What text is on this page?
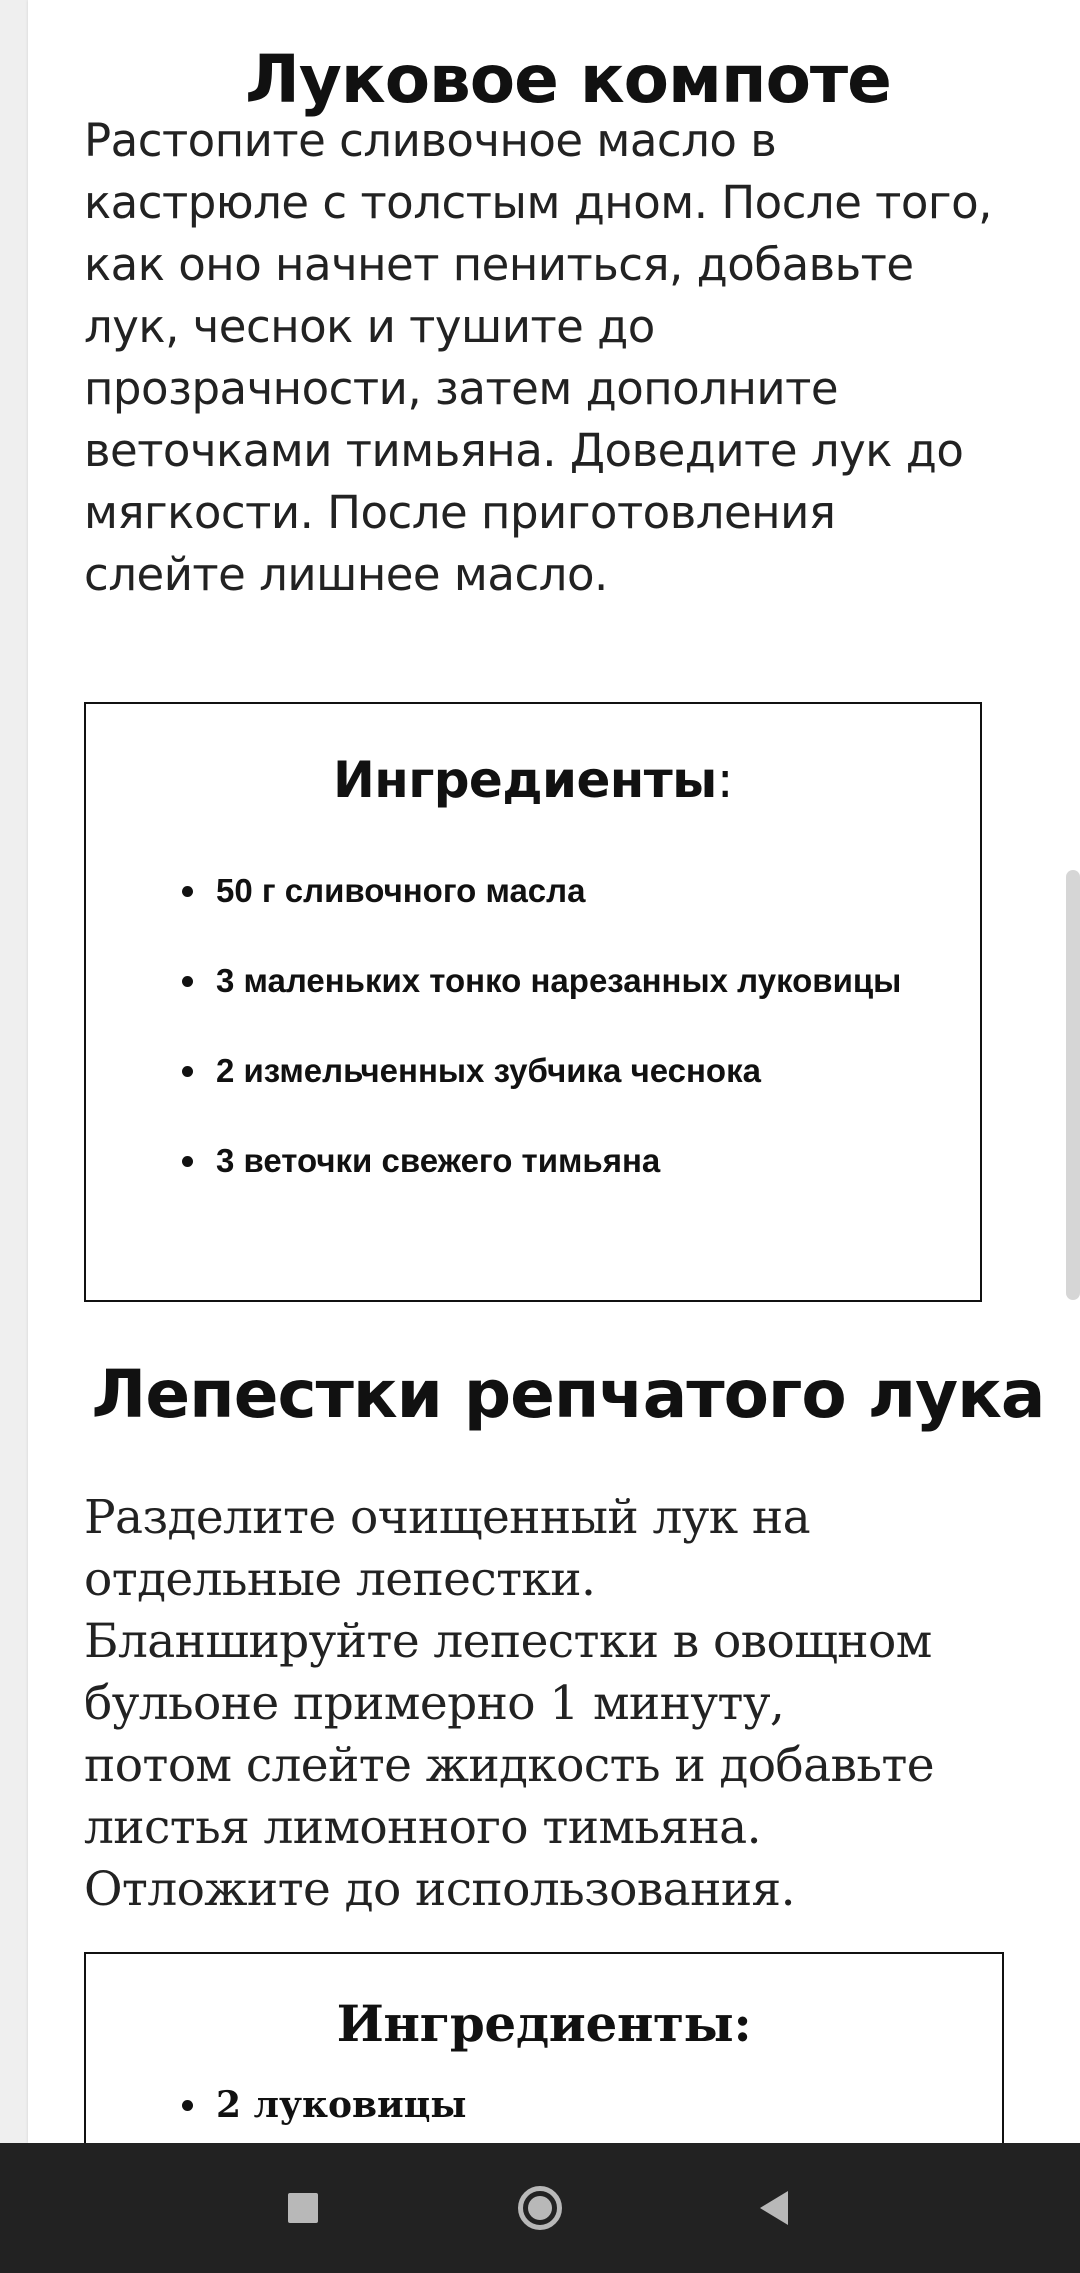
Луковое компоте
Растопите сливочное масло в
кастрюле с толстым дном. После того,
как оно начнет пениться, добавьте
лук, чеснок и тушите до
прозрачности, затем дополните
веточками тимьяна. Доведите лук до
мягкости. После приготовления
слейте лишнее масло.
Ингредиенты:
50 г сливочного масла
3 маленьких тонко нарезанных луковицы
2 измельченных зубчика чеснока
3 веточки свежего тимьяна
Лепестки репчатого лука
Разделите очищенный лук на
отдельные лепестки.
Бланшируйте лепестки в овощном
бульоне примерно 1 минуту,
потом слейте жидкость и добавьте
листья лимонного тимьяна.
Отложите до использования.
Ингредиенты:
2 луковицы
